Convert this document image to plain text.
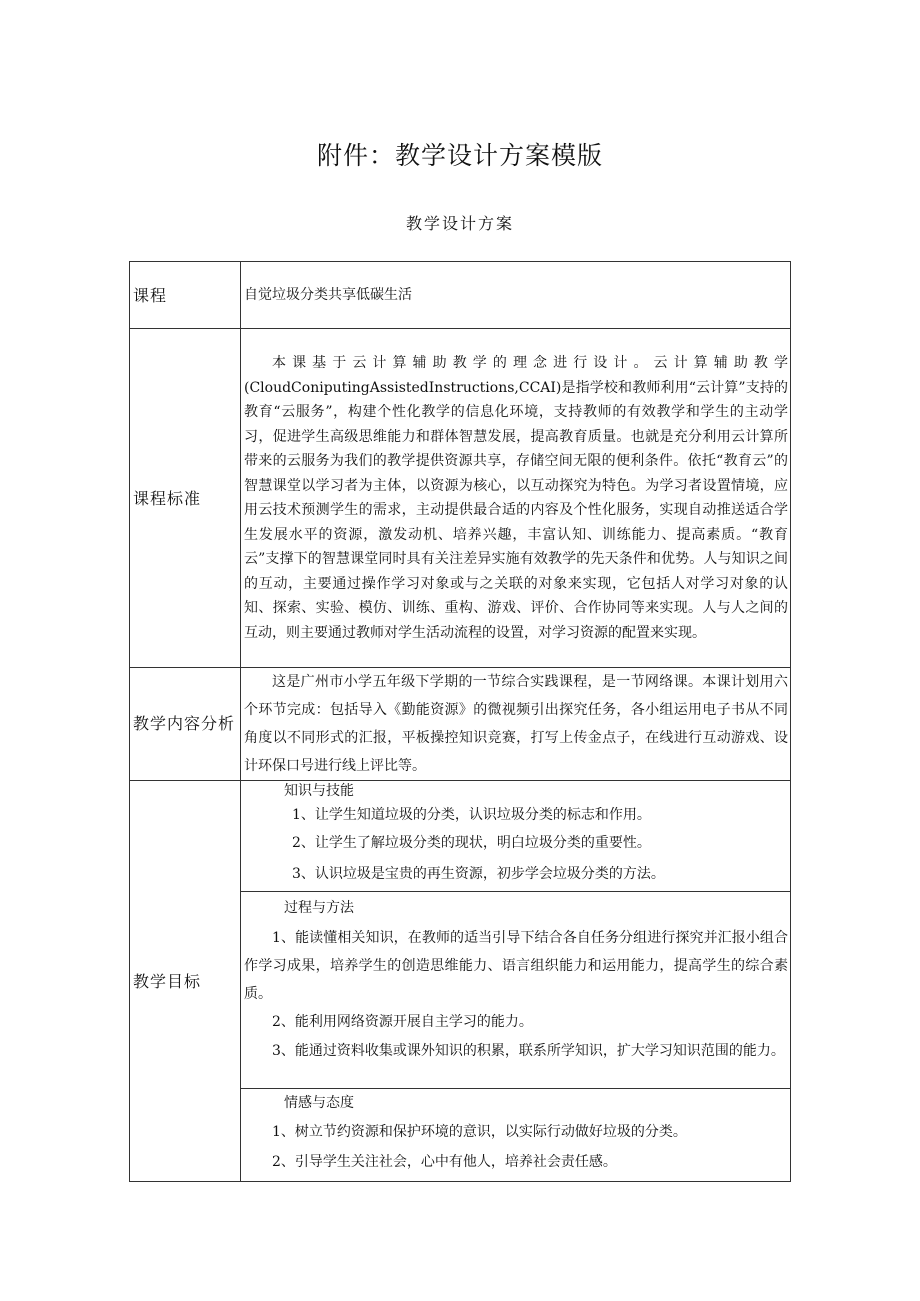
附件：教学设计方案模版
教学设计方案
课程	自觉垃圾分类共享低碳生活
课程标准	本课基于云计算辅助教学的理念进行设计。云计算辅助教学(CloudConiputingAssistedInstructions,CCAI)是指学校和教师利用“云计算”支持的教育“云服务”，构建个性化教学的信息化环境，支持教师的有效教学和学生的主动学习，促进学生高级思维能力和群体智慧发展，提高教育质量。也就是充分利用云计算所带来的云服务为我们的教学提供资源共享，存储空间无限的便利条件。依托“教育云”的智慧课堂以学习者为主体，以资源为核心，以互动探究为特色。为学习者设置情境，应用云技术预测学生的需求，主动提供最合适的内容及个性化服务，实现自动推送适合学生发展水平的资源，激发动机、培养兴趣，丰富认知、训练能力、提高素质。“教育云”支撑下的智慧课堂同时具有关注差异实施有效教学的先天条件和优势。人与知识之间的互动，主要通过操作学习对象或与之关联的对象来实现，它包括人对学习对象的认知、探索、实验、模仿、训练、重构、游戏、评价、合作协同等来实现。人与人之间的互动，则主要通过教师对学生活动流程的设置，对学习资源的配置来实现。

教学内容分析	这是广州市小学五年级下学期的一节综合实践课程，是一节网络课。本课计划用六个环节完成：包括导入《勤能资源》的微视频引出探究任务，各小组运用电子书从不同角度以不同形式的汇报，平板操控知识竞赛，打写上传金点子，在线进行互动游戏、设计环保口号进行线上评比等。

教学目标	知识与技能

1、让学生知道垃圾的分类，认识垃圾分类的标志和作用。

2、让学生了解垃圾分类的现状，明白垃圾分类的重要性。

3、认识垃圾是宝贵的再生资源，初步学会垃圾分类的方法。

	过程与方法

1、能读懂相关知识，在教师的适当引导下结合各自任务分组进行探究并汇报小组合作学习成果，培养学生的创造思维能力、语言组织能力和运用能力，提高学生的综合素质。

2、能利用网络资源开展自主学习的能力。

3、能通过资料收集或课外知识的积累，联系所学知识，扩大学习知识范围的能力。

	情感与态度

1、树立节约资源和保护环境的意识，以实际行动做好垃圾的分类。

2、引导学生关注社会，心中有他人，培养社会责任感。
